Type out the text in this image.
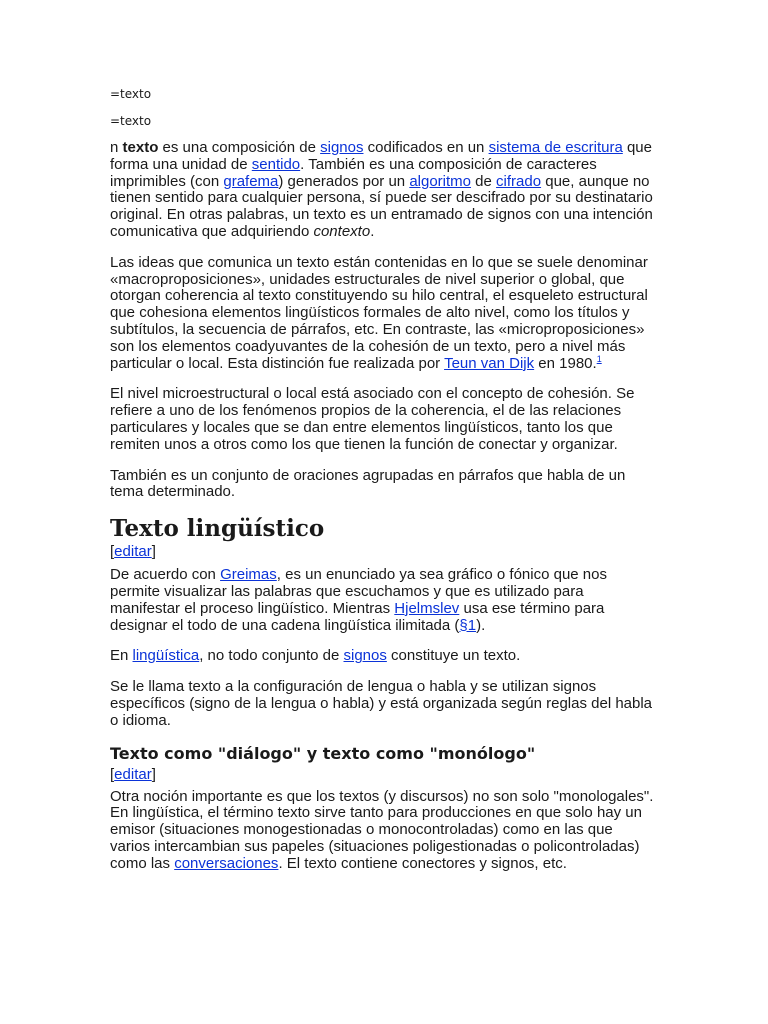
=texto
=texto

n texto es una composición de signos codificados en un sistema de escritura que forma una unidad de sentido. También es una composición de caracteres imprimibles (con grafema) generados por un algoritmo de cifrado que, aunque no tienen sentido para cualquier persona, sí puede ser descifrado por su destinatario original. En otras palabras, un texto es un entramado de signos con una intención comunicativa que adquiriendo contexto.

Las ideas que comunica un texto están contenidas en lo que se suele denominar «macroproposiciones», unidades estructurales de nivel superior o global, que otorgan coherencia al texto constituyendo su hilo central, el esqueleto estructural que cohesiona elementos lingüísticos formales de alto nivel, como los títulos y subtítulos, la secuencia de párrafos, etc. En contraste, las «microproposiciones» son los elementos coadyuvantes de la cohesión de un texto, pero a nivel más particular o local. Esta distinción fue realizada por Teun van Dijk en 1980.$^1$

El nivel microestructural o local está asociado con el concepto de cohesión. Se refiere a uno de los fenómenos propios de la coherencia, el de las relaciones particulares y locales que se dan entre elementos lingüísticos, tanto los que remiten unos a otros como los que tienen la función de conectar y organizar.

También es un conjunto de oraciones agrupadas en párrafos que habla de un tema determinado.

Texto lingüístico
[editar]

De acuerdo con Greimas, es un enunciado ya sea gráfico o fónico que nos permite visualizar las palabras que escuchamos y que es utilizado para manifestar el proceso lingüístico. Mientras Hjelmslev usa ese término para designar el todo de una cadena lingüística ilimitada (§1).

En lingüística, no todo conjunto de signos constituye un texto.

Se le llama texto a la configuración de lengua o habla y se utilizan signos específicos (signo de la lengua o habla) y está organizada según reglas del habla o idioma.

Texto como "diálogo" y texto como "monólogo"
[editar]

Otra noción importante es que los textos (y discursos) no son solo "monologales". En lingüística, el término texto sirve tanto para producciones en que solo hay un emisor (situaciones monogestionadas o monocontroladas) como en las que varios intercambian sus papeles (situaciones poligestionadas o policontroladas) como las conversaciones. El texto contiene conectores y signos, etc.
